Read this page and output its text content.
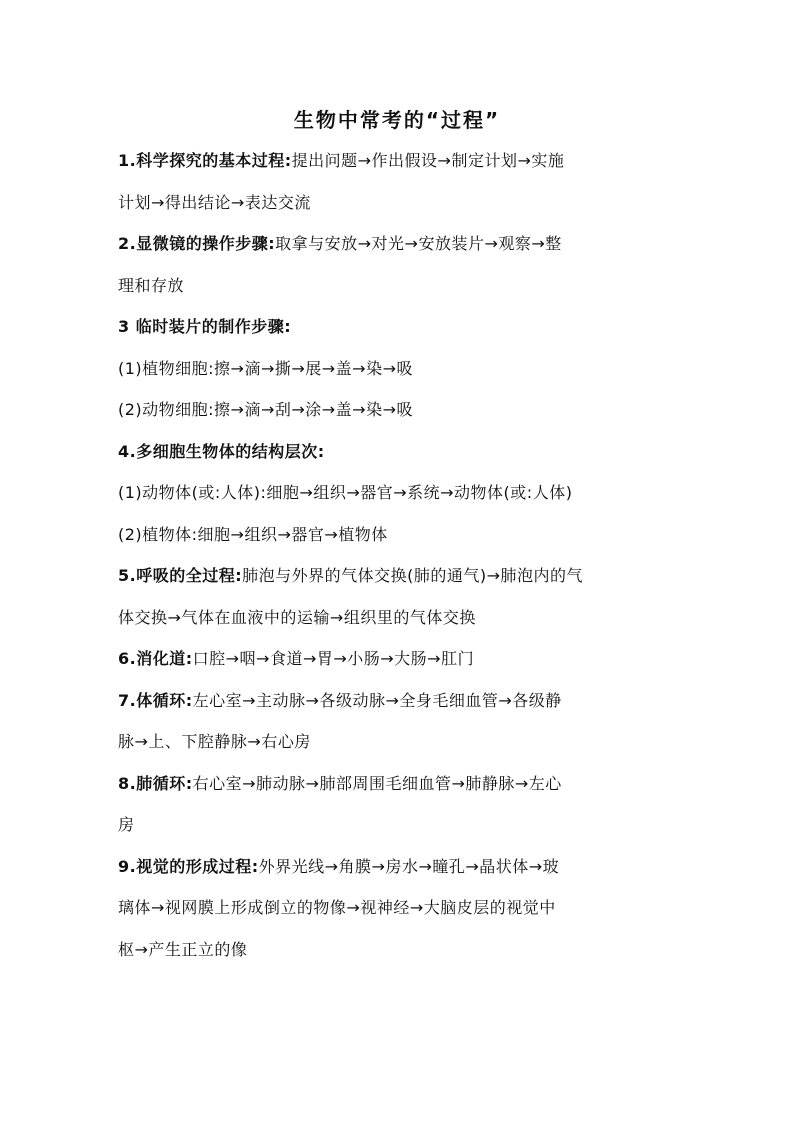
生物中常考的“过程”
1.科学探究的基本过程:提出问题→作出假设→制定计划→实施
计划→得出结论→表达交流
2.显微镜的操作步骤:取拿与安放→对光→安放装片→观察→整
理和存放
3 临时装片的制作步骤:
(1)植物细胞:擦→滴→撕→展→盖→染→吸
(2)动物细胞:擦→滴→刮→涂→盖→染→吸
4.多细胞生物体的结构层次:
(1)动物体(或:人体):细胞→组织→器官→系统→动物体(或:人体)
(2)植物体:细胞→组织→器官→植物体
5.呼吸的全过程:肺泡与外界的气体交换(肺的通气)→肺泡内的气
体交换→气体在血液中的运输→组织里的气体交换
6.消化道:口腔→咽→食道→胃→小肠→大肠→肛门
7.体循环:左心室→主动脉→各级动脉→全身毛细血管→各级静
脉→上、下腔静脉→右心房
8.肺循环:右心室→肺动脉→肺部周围毛细血管→肺静脉→左心
房
9.视觉的形成过程:外界光线→角膜→房水→瞳孔→晶状体→玻
璃体→视网膜上形成倒立的物像→视神经→大脑皮层的视觉中
枢→产生正立的像
